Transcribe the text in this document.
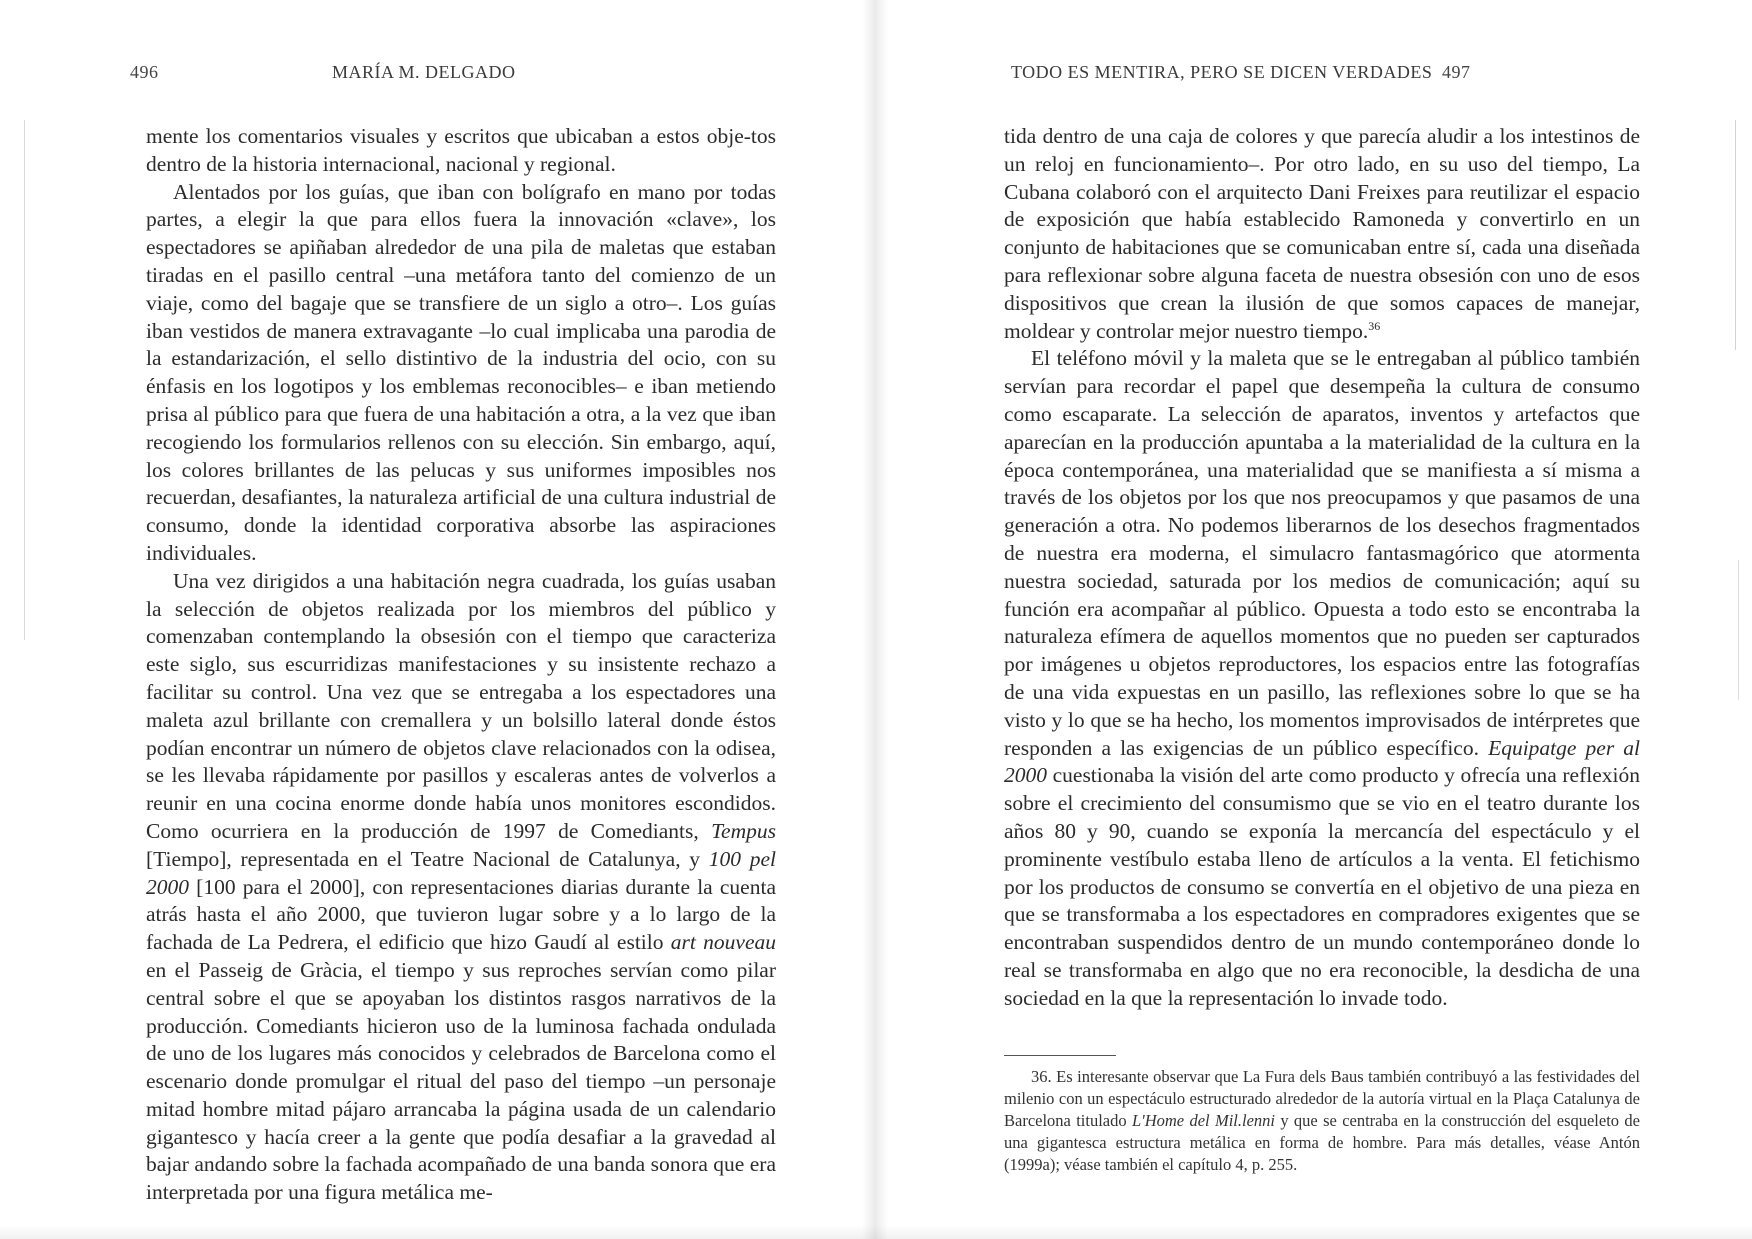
496	MARÍA M. DELGADO

mente los comentarios visuales y escritos que ubicaban a estos obje-tos dentro de la historia internacional, nacional y regional.

Alentados por los guías, que iban con bolígrafo en mano por todas partes, a elegir la que para ellos fuera la innovación «clave», los espectadores se apiñaban alrededor de una pila de maletas que estaban tiradas en el pasillo central –una metáfora tanto del comienzo de un viaje, como del bagaje que se transfiere de un siglo a otro–. Los guías iban vestidos de manera extravagante –lo cual implicaba una parodia de la estandarización, el sello distintivo de la industria del ocio, con su énfasis en los logotipos y los emblemas reconocibles– e iban metiendo prisa al público para que fuera de una habitación a otra, a la vez que iban recogiendo los formularios rellenos con su elección. Sin embargo, aquí, los colores brillantes de las pelucas y sus uniformes imposibles nos recuerdan, desafiantes, la naturaleza artificial de una cultura industrial de consumo, donde la identidad corporativa absorbe las aspiraciones individuales.

Una vez dirigidos a una habitación negra cuadrada, los guías usaban la selección de objetos realizada por los miembros del público y comenzaban contemplando la obsesión con el tiempo que caracteriza este siglo, sus escurridizas manifestaciones y su insistente rechazo a facilitar su control. Una vez que se entregaba a los espectadores una maleta azul brillante con cremallera y un bolsillo lateral donde éstos podían encontrar un número de objetos clave relacionados con la odisea, se les llevaba rápidamente por pasillos y escaleras antes de volverlos a reunir en una cocina enorme donde había unos monitores escondidos. Como ocurriera en la producción de 1997 de Comediants, Tempus [Tiempo], representada en el Teatre Nacional de Catalunya, y 100 pel 2000 [100 para el 2000], con representaciones diarias durante la cuenta atrás hasta el año 2000, que tuvieron lugar sobre y a lo largo de la fachada de La Pedrera, el edificio que hizo Gaudí al estilo art nouveau en el Passeig de Gràcia, el tiempo y sus reproches servían como pilar central sobre el que se apoyaban los distintos rasgos narrativos de la producción. Comediants hicieron uso de la luminosa fachada ondulada de uno de los lugares más conocidos y celebrados de Barcelona como el escenario donde promulgar el ritual del paso del tiempo –un personaje mitad hombre mitad pájaro arrancaba la página usada de un calendario gigantesco y hacía creer a la gente que podía desafiar a la gravedad al bajar andando sobre la fachada acompañado de una banda sonora que era interpretada por una figura metálica me-

TODO ES MENTIRA, PERO SE DICEN VERDADES 497

tida dentro de una caja de colores y que parecía aludir a los intestinos de un reloj en funcionamiento–. Por otro lado, en su uso del tiempo, La Cubana colaboró con el arquitecto Dani Freixes para reutilizar el espacio de exposición que había establecido Ramoneda y convertirlo en un conjunto de habitaciones que se comunicaban entre sí, cada una diseñada para reflexionar sobre alguna faceta de nuestra obsesión con uno de esos dispositivos que crean la ilusión de que somos capaces de manejar, moldear y controlar mejor nuestro tiempo.$^{36}$

El teléfono móvil y la maleta que se le entregaban al público también servían para recordar el papel que desempeña la cultura de consumo como escaparate. La selección de aparatos, inventos y artefactos que aparecían en la producción apuntaba a la materialidad de la cultura en la época contemporánea, una materialidad que se manifiesta a sí misma a través de los objetos por los que nos preocupamos y que pasamos de una generación a otra. No podemos liberarnos de los desechos fragmentados de nuestra era moderna, el simulacro fantasmagórico que atormenta nuestra sociedad, saturada por los medios de comunicación; aquí su función era acompañar al público. Opuesta a todo esto se encontraba la naturaleza efímera de aquellos momentos que no pueden ser capturados por imágenes u objetos reproductores, los espacios entre las fotografías de una vida expuestas en un pasillo, las reflexiones sobre lo que se ha visto y lo que se ha hecho, los momentos improvisados de intérpretes que responden a las exigencias de un público específico. Equipatge per al 2000 cuestionaba la visión del arte como producto y ofrecía una reflexión sobre el crecimiento del consumismo que se vio en el teatro durante los años 80 y 90, cuando se exponía la mercancía del espectáculo y el prominente vestíbulo estaba lleno de artículos a la venta. El fetichismo por los productos de consumo se convertía en el objetivo de una pieza en que se transformaba a los espectadores en compradores exigentes que se encontraban suspendidos dentro de un mundo contemporáneo donde lo real se transformaba en algo que no era reconocible, la desdicha de una sociedad en la que la representación lo invade todo.

36. Es interesante observar que La Fura dels Baus también contribuyó a las festividades del milenio con un espectáculo estructurado alrededor de la autoría virtual en la Plaça Catalunya de Barcelona titulado L'Home del Mil.lenni y que se centraba en la construcción del esqueleto de una gigantesca estructura metálica en forma de hombre. Para más detalles, véase Antón (1999a); véase también el capítulo 4, p. 255.
